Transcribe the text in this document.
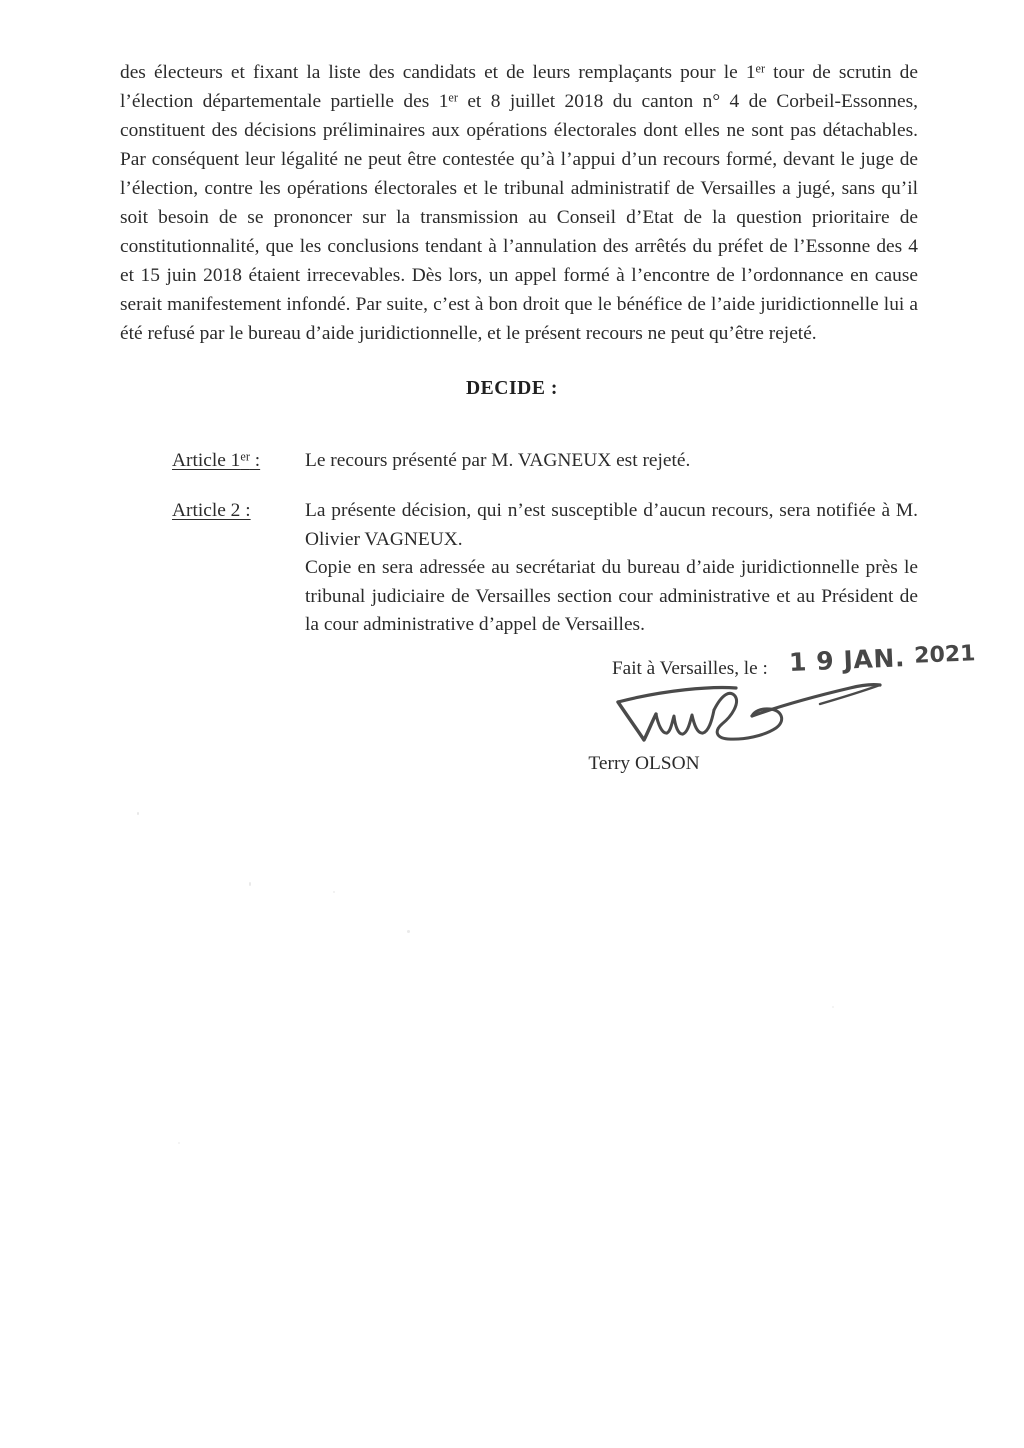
des électeurs et fixant la liste des candidats et de leurs remplaçants pour le 1er tour de scrutin de l’élection départementale partielle des 1er et 8 juillet 2018 du canton n° 4 de Corbeil-Essonnes, constituent des décisions préliminaires aux opérations électorales dont elles ne sont pas détachables. Par conséquent leur légalité ne peut être contestée qu’à l’appui d’un recours formé, devant le juge de l’élection, contre les opérations électorales et le tribunal administratif de Versailles a jugé, sans qu’il soit besoin de se prononcer sur la transmission au Conseil d’Etat de la question prioritaire de constitutionnalité, que les conclusions tendant à l’annulation des arrêtés du préfet de l’Essonne des 4 et 15 juin 2018 étaient irrecevables. Dès lors, un appel formé à l’encontre de l’ordonnance en cause serait manifestement infondé. Par suite, c’est à bon droit que le bénéfice de l’aide juridictionnelle lui a été refusé par le bureau d’aide juridictionnelle, et le présent recours ne peut qu’être rejeté.

DECIDE :
Article 1er :	Le recours présenté par M. VAGNEUX est rejeté.

Article 2 :	La présente décision, qui n’est susceptible d’aucun recours, sera notifiée à M. Olivier VAGNEUX.

Copie en sera adressée au secrétariat du bureau d’aide juridictionnelle près le tribunal judiciaire de Versailles section cour administrative et au Président de la cour administrative d’appel de Versailles.

Fait à Versailles, le : 1 9 JAN. 2021
Terry OLSON
